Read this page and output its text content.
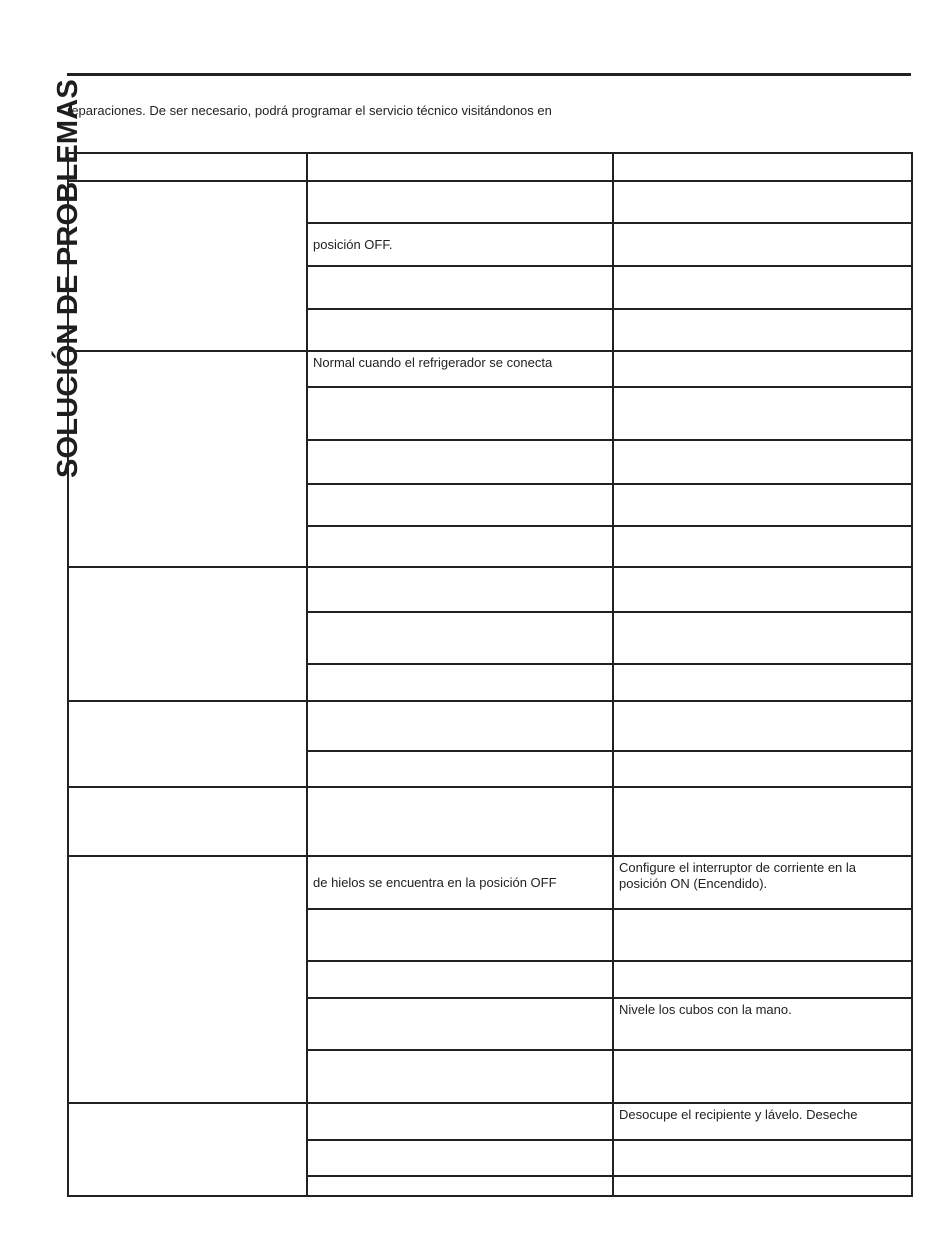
SOLUCIÓN DE PROBLEMAS
reparaciones. De ser necesario, podrá programar el servicio técnico visitándonos en

	posición OFF.	

	Normal cuando el refrigerador se conecta	

	de hielos se encuentra en la posición OFF	Configure el interruptor de corriente en la posición ON (Encendido).

		Nivele los cubos con la mano.

		Desocupe el recipiente y lávelo. Deseche
